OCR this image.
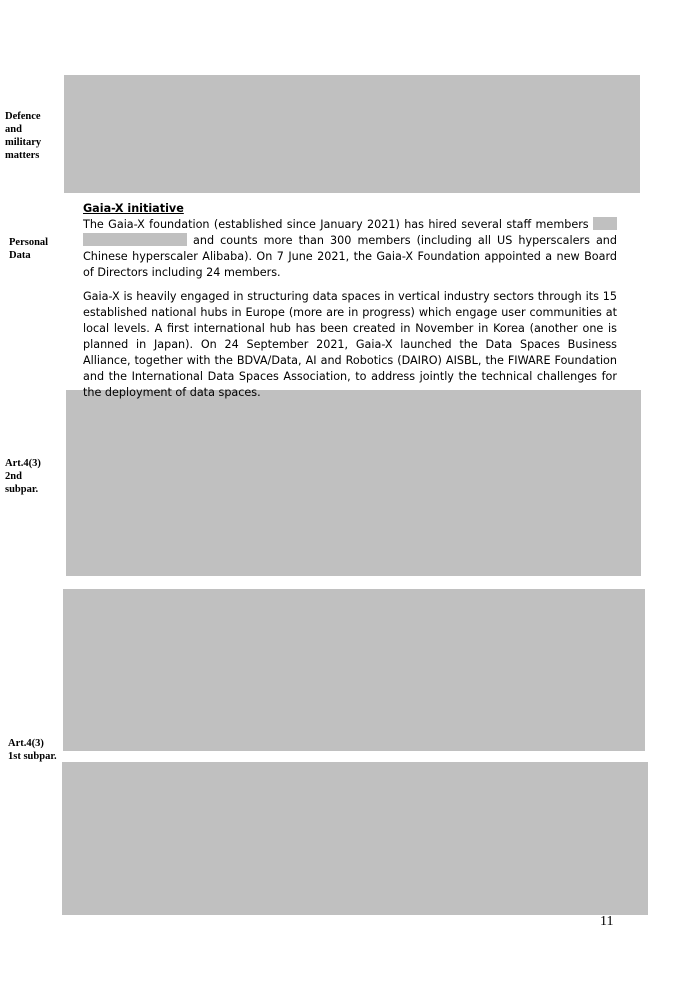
Defence
and
military
matters
Personal
Data
Art.4(3)
2nd
subpar.
Art.4(3)
1st subpar.
Gaia-X initiative

The Gaia-X foundation (established since January 2021) has hired several staff members   and counts more than 300 members (including all US hyperscalers and Chinese hyperscaler Alibaba). On 7 June 2021, the Gaia-X Foundation appointed a new Board of Directors including 24 members.

Gaia-X is heavily engaged in structuring data spaces in vertical industry sectors through its 15 established national hubs in Europe (more are in progress) which engage user communities at local levels. A first international hub has been created in November in Korea (another one is planned in Japan). On 24 September 2021, Gaia-X launched the Data Spaces Business Alliance, together with the BDVA/Data, AI and Robotics (DAIRO) AISBL, the FIWARE Foundation and the International Data Spaces Association, to address jointly the technical challenges for the deployment of data spaces.

11
